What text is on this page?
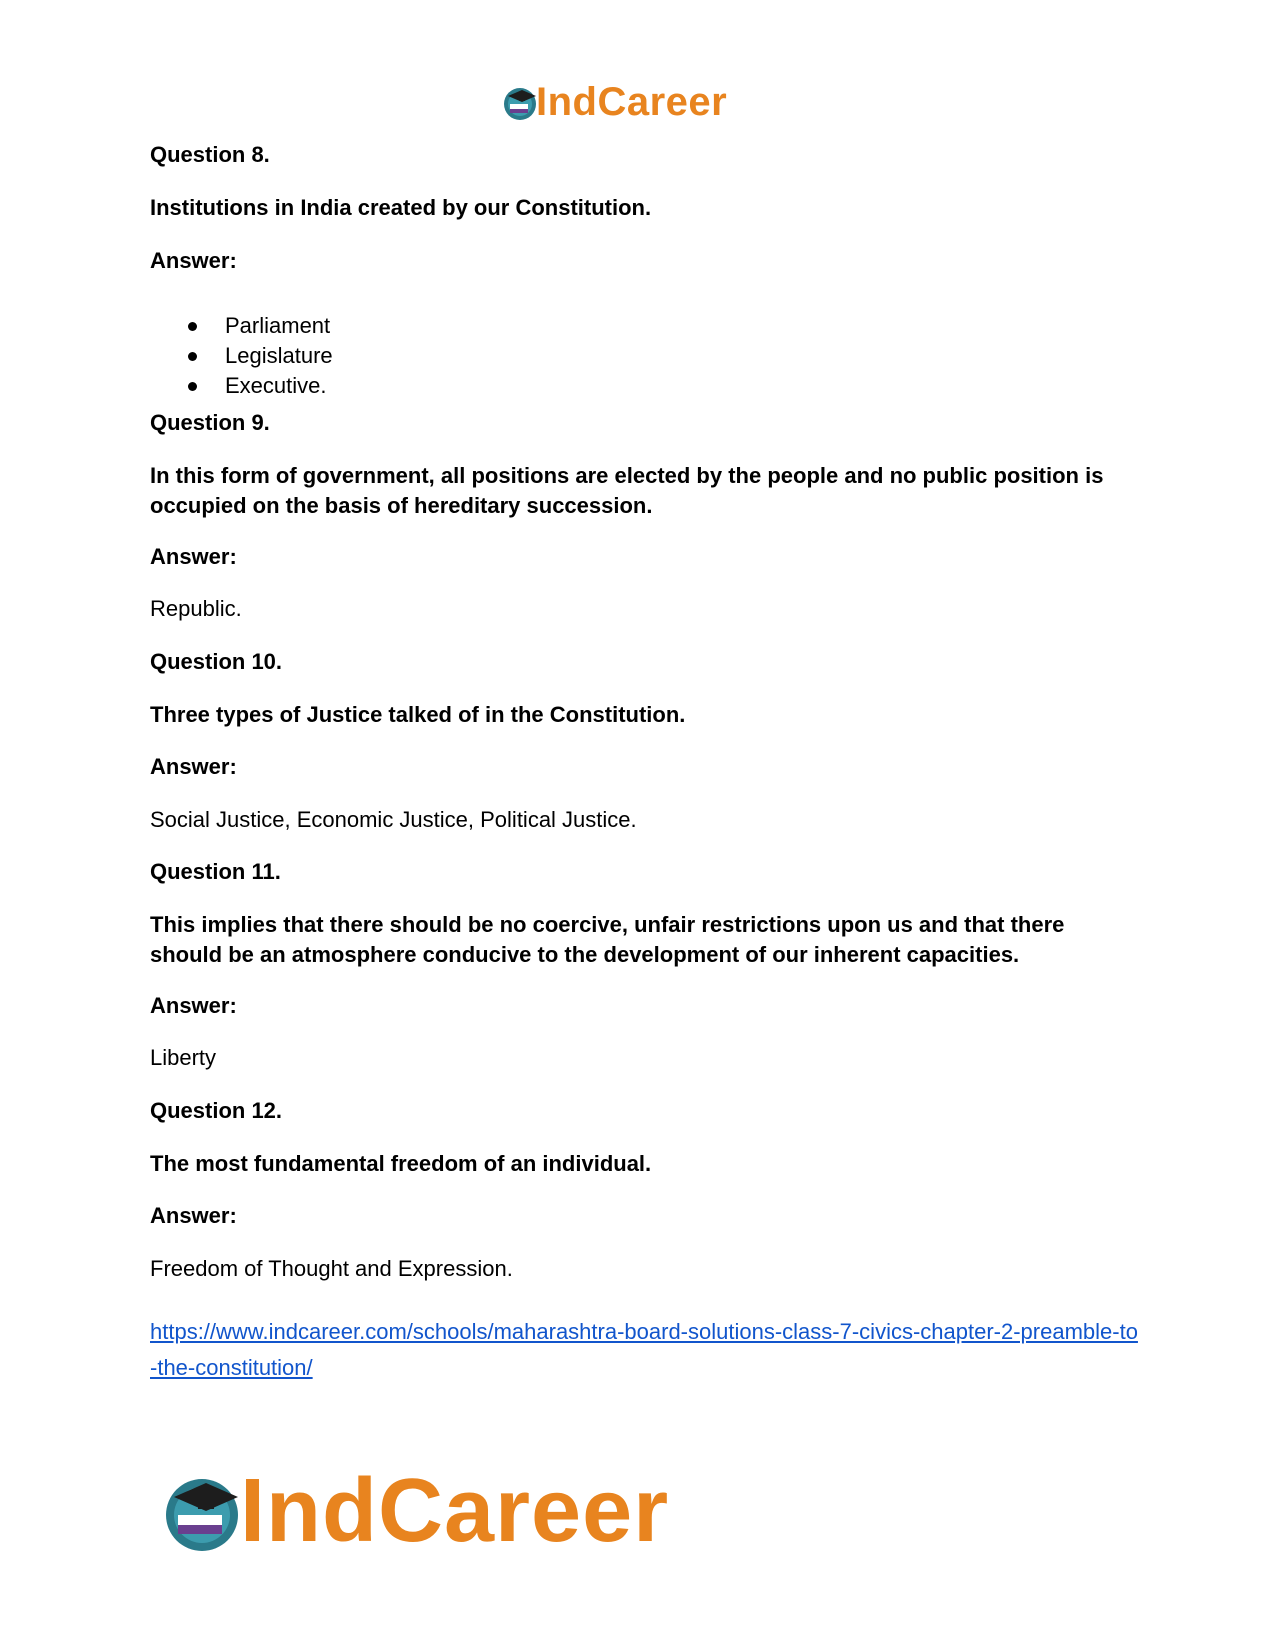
IndCareer
Question 8.
Institutions in India created by our Constitution.
Answer:
Parliament
Legislature
Executive.
Question 9.
In this form of government, all positions are elected by the people and no public position is occupied on the basis of hereditary succession.
Answer:
Republic.
Question 10.
Three types of Justice talked of in the Constitution.
Answer:
Social Justice, Economic Justice, Political Justice.
Question 11.
This implies that there should be no coercive, unfair restrictions upon us and that there should be an atmosphere conducive to the development of our inherent capacities.
Answer:
Liberty
Question 12.
The most fundamental freedom of an individual.
Answer:
Freedom of Thought and Expression.
https://www.indcareer.com/schools/maharashtra-board-solutions-class-7-civics-chapter-2-preamble-to-the-constitution/
IndCareer
